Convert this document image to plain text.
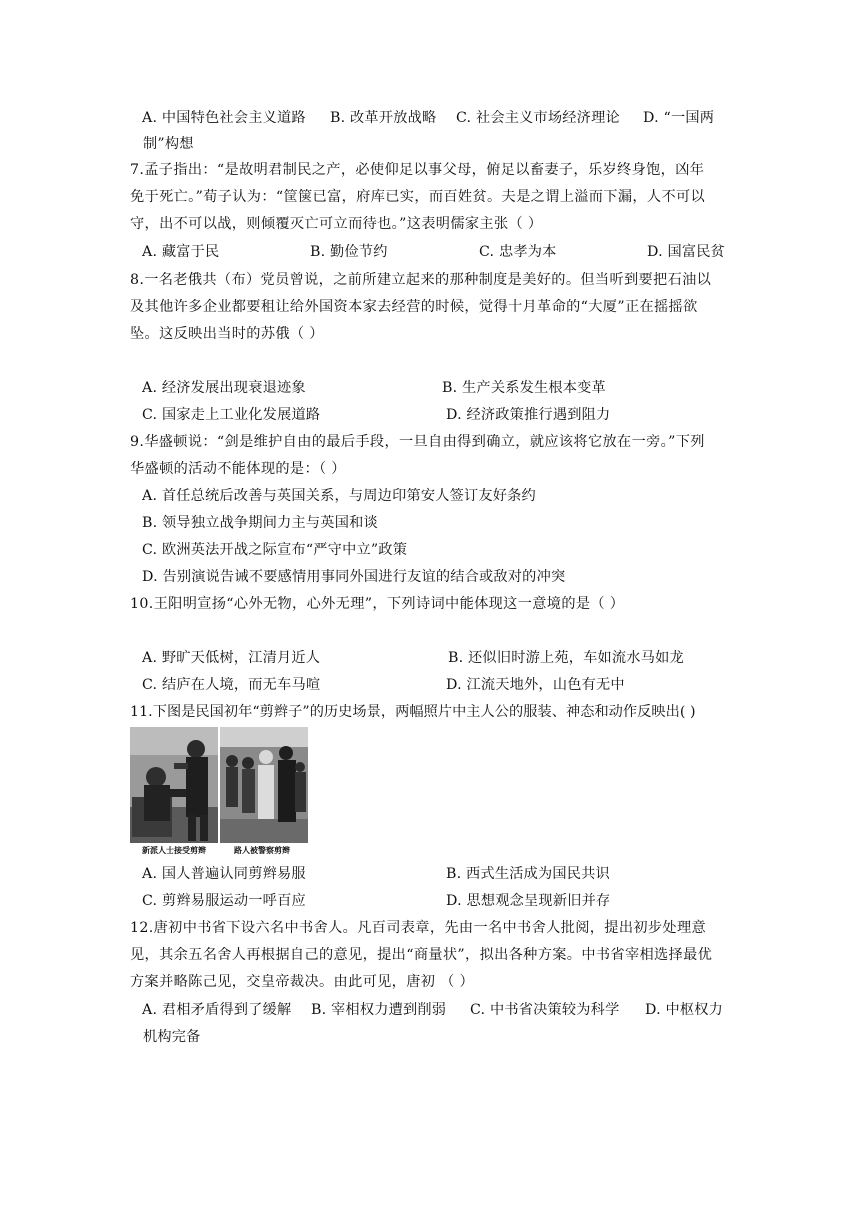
A. 中国特色社会主义道路 B. 改革开放战略 C. 社会主义市场经济理论 D. “一国两
制”构想
7.孟子指出：“是故明君制民之产，必使仰足以事父母，俯足以畜妻子，乐岁终身饱，凶年
免于死亡。”荀子认为：“筐箧已富，府库已实，而百姓贫。夫是之谓上溢而下漏，人不可以
守，出不可以战，则倾覆灭亡可立而待也。”这表明儒家主张（ ）
A. 藏富于民	B. 勤俭节约	C. 忠孝为本	D. 国富民贫
8.一名老俄共（布）党员曾说，之前所建立起来的那种制度是美好的。但当听到要把石油以
及其他许多企业都要租让给外国资本家去经营的时候，觉得十月革命的“大厦”正在摇摇欲
坠。这反映出当时的苏俄（ ）
A. 经济发展出现衰退迹象	B. 生产关系发生根本变革
C. 国家走上工业化发展道路	D. 经济政策推行遇到阻力
9.华盛顿说：“剑是维护自由的最后手段，一旦自由得到确立，就应该将它放在一旁。”下列
华盛顿的活动不能体现的是：（ ）
A. 首任总统后改善与英国关系，与周边印第安人签订友好条约
B. 领导独立战争期间力主与英国和谈
C. 欧洲英法开战之际宣布“严守中立”政策
D. 告别演说告诫不要感情用事同外国进行友谊的结合或敌对的冲突
10.王阳明宣扬“心外无物，心外无理”，下列诗词中能体现这一意境的是（ ）
A. 野旷天低树，江清月近人	B. 还似旧时游上苑，车如流水马如龙
C. 结庐在人境，而无车马喧	D. 江流天地外，山色有无中
11.下图是民国初年“剪辫子”的历史场景，两幅照片中主人公的服装、神态和动作反映出( )
新派人士接受剪辫	路人被警察剪辫
A. 国人普遍认同剪辫易服	B. 西式生活成为国民共识
C. 剪辫易服运动一呼百应	D. 思想观念呈现新旧并存
12.唐初中书省下设六名中书舍人。凡百司表章，先由一名中书舍人批阅，提出初步处理意
见，其余五名舍人再根据自己的意见，提出“商量状”，拟出各种方案。中书省宰相选择最优
方案并略陈己见，交皇帝裁决。由此可见，唐初 （ ）
A. 君相矛盾得到了缓解 B. 宰相权力遭到削弱 C. 中书省决策较为科学 D. 中枢权力
机构完备
